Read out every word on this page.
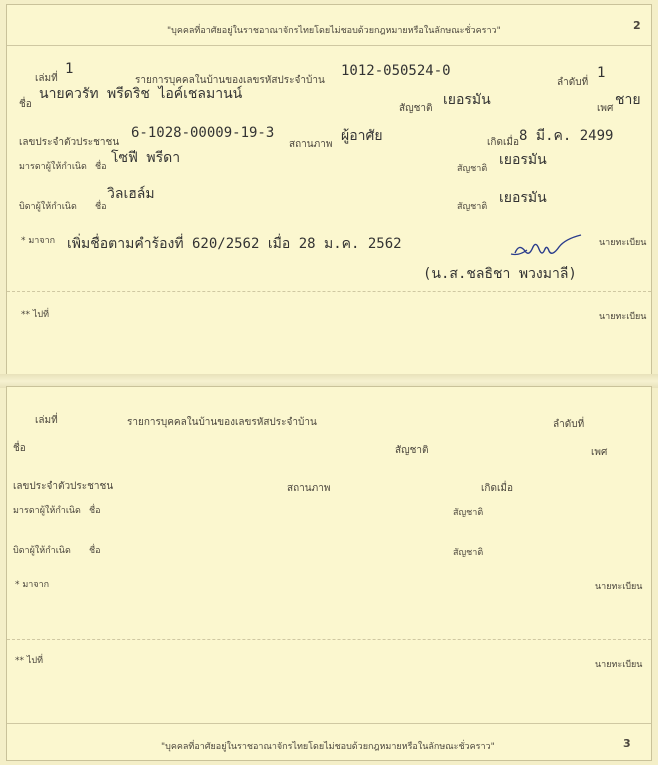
"บุคคลที่อาศัยอยู่ในราชอาณาจักรไทยโดยไม่ชอบด้วยกฎหมายหรือในลักษณะชั่วคราว"	2
เล่มที่
1
รายการบุคคลในบ้านของเลขรหัสประจำบ้าน
1012-050524-0
ลำดับที่
1
ชื่อ
นายควรัท พรีดริช ไอค์เชลมานน์
สัญชาติ
เยอรมัน
เพศ
ชาย
เลขประจำตัวประชาชน
6-1028-00009-19-3
สถานภาพ
ผู้อาศัย	เกิดเมื่อ 8 มี.ค. 2499
มารดาผู้ให้กำเนิด ชื่อ
โซฟี พรีดา
สัญชาติ
เยอรมัน
บิดาผู้ให้กำเนิด ชื่อ
วิลเฮล์ม
สัญชาติ
เยอรมัน
* มาจาก เพิ่มชื่อตามคำร้องที่ 620/2562 เมื่อ 28 ม.ค. 2562	นายทะเบียน
(น.ส.ชลธิชา พวงมาลี)
** ไปที่	นายทะเบียน
เล่มที่	รายการบุคคลในบ้านของเลขรหัสประจำบ้าน	ลำดับที่
ชื่อ	สัญชาติ	เพศ
เลขประจำตัวประชาชน	สถานภาพ	เกิดเมื่อ
มารดาผู้ให้กำเนิด ชื่อ	สัญชาติ
บิดาผู้ให้กำเนิด ชื่อ	สัญชาติ
* มาจาก	นายทะเบียน
** ไปที่	นายทะเบียน
"บุคคลที่อาศัยอยู่ในราชอาณาจักรไทยโดยไม่ชอบด้วยกฎหมายหรือในลักษณะชั่วคราว"	3
